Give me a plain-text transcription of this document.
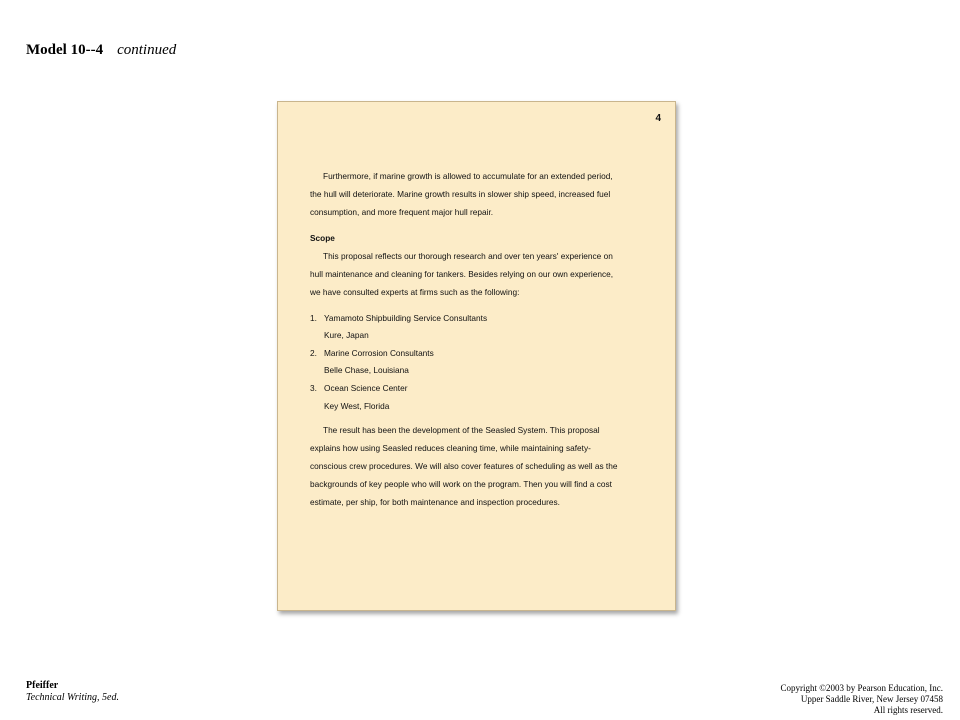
Model 10--4 continued
4
Furthermore, if marine growth is allowed to accumulate for an extended period,
the hull will deteriorate. Marine growth results in slower ship speed, increased fuel
consumption, and more frequent major hull repair.
Scope
This proposal reflects our thorough research and over ten years' experience on
hull maintenance and cleaning for tankers. Besides relying on our own experience,
we have consulted experts at firms such as the following:
1. Yamamoto Shipbuilding Service Consultants
Kure, Japan
2. Marine Corrosion Consultants
Belle Chase, Louisiana
3. Ocean Science Center
Key West, Florida
The result has been the development of the Seasled System. This proposal
explains how using Seasled reduces cleaning time, while maintaining safety-
conscious crew procedures. We will also cover features of scheduling as well as the
backgrounds of key people who will work on the program. Then you will find a cost
estimate, per ship, for both maintenance and inspection procedures.
Pfeiffer
Technical Writing, 5ed.
Copyright ©2003 by Pearson Education, Inc.
Upper Saddle River, New Jersey 07458
All rights reserved.
